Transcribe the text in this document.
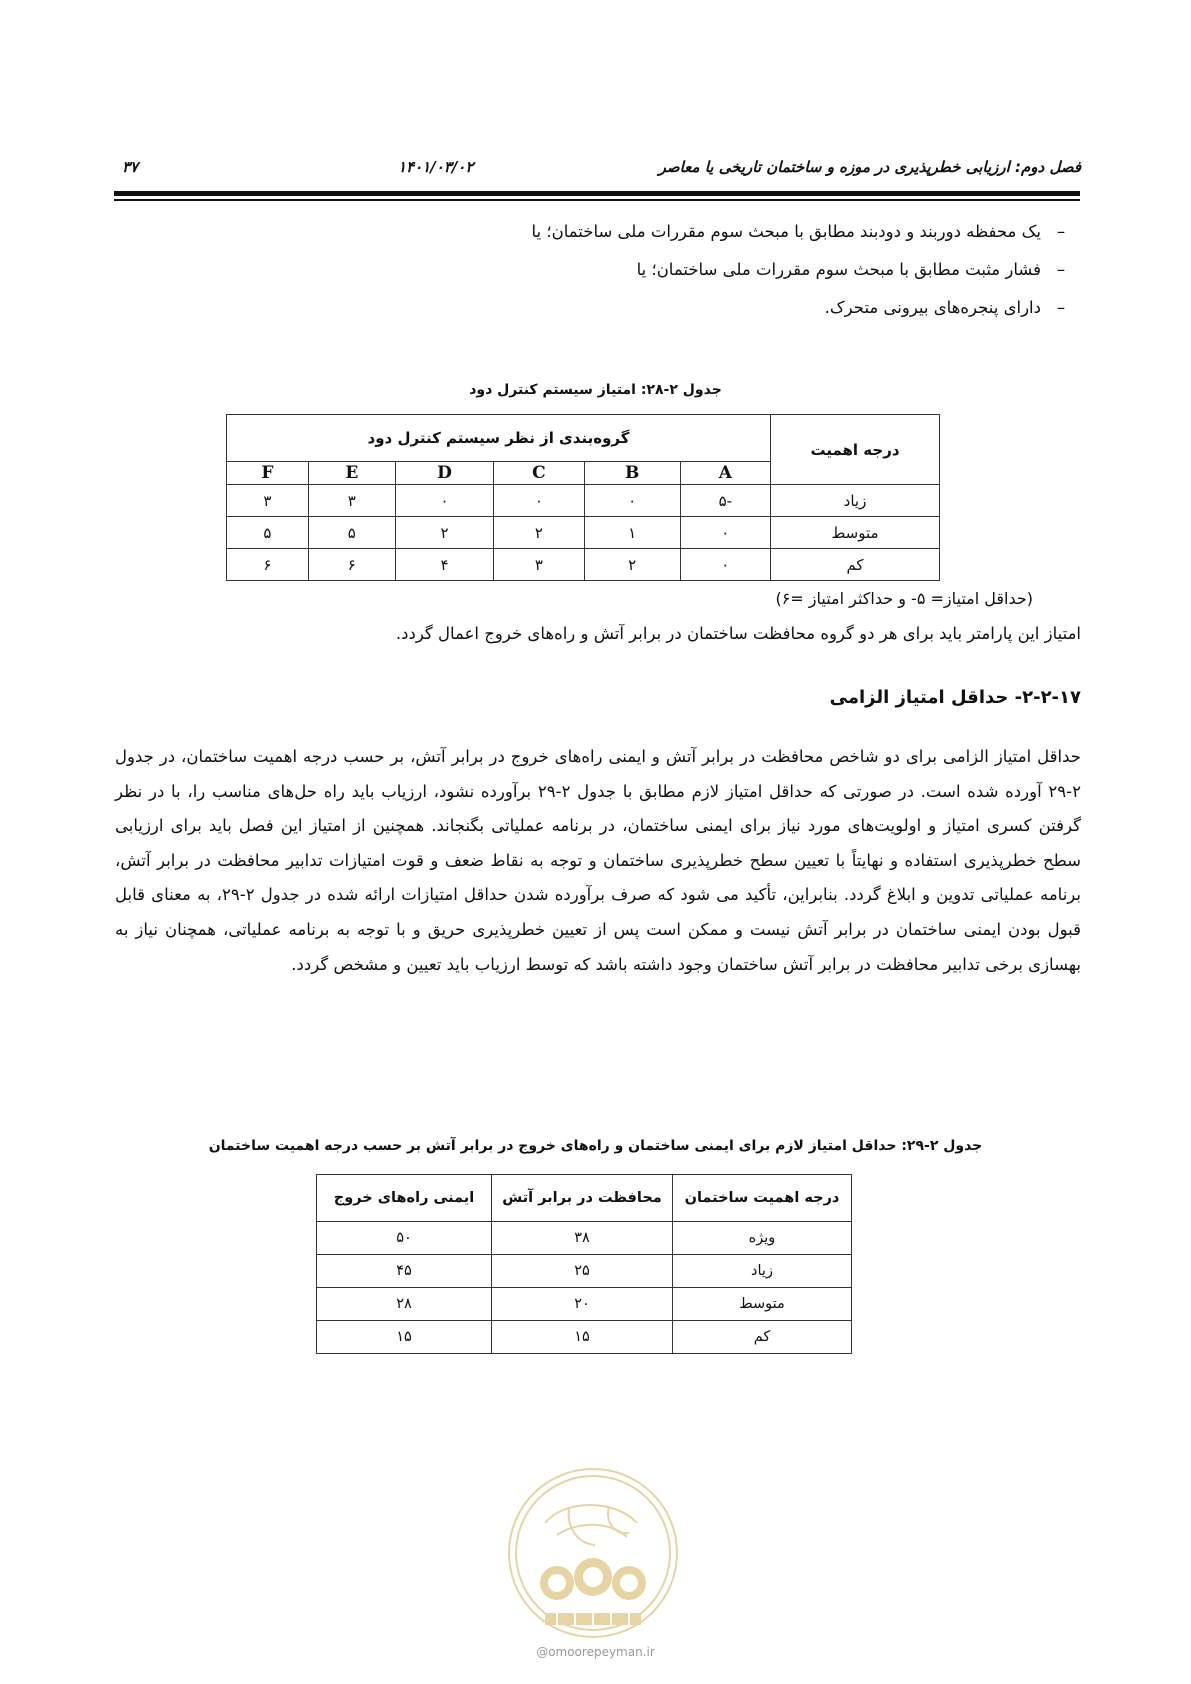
فصل دوم: ارزیابی خطرپذیری در موزه و ساختمان تاریخی یا معاصر
۱۴۰۱/۰۳/۰۲
۳۷
–یک محفظه دوربند و دودبند مطابق با مبحث سوم مقررات ملی ساختمان؛ یا
–فشار مثبت مطابق با مبحث سوم مقررات ملی ساختمان؛ یا
–دارای پنجره‌های بیرونی متحرک.
جدول ۲-۲۸: امتیاز سیستم کنترل دود
درجه اهمیت	گروه‌بندی از نظر سیستم کنترل دود					
	A	B	C	D	E	F
زیاد	-۵	۰	۰	۰	۳	۳
متوسط	۰	۱	۲	۲	۵	۵
کم	۰	۲	۳	۴	۶	۶
(حداقل امتیاز= ۵- و حداکثر امتیاز =۶)
امتیاز این پارامتر باید برای هر دو گروه محافظت ساختمان در برابر آتش و راه‌های خروج اعمال گردد.
۲-۲-۱۷- حداقل امتیاز الزامی
حداقل امتیاز الزامی برای دو شاخص محافظت در برابر آتش و ایمنی راه‌های خروج در برابر آتش، بر حسب درجه اهمیت ساختمان، در جدول ۲-۲۹ آورده شده است. در صورتی که حداقل امتیاز لازم مطابق با جدول ۲-۲۹ برآورده نشود، ارزیاب باید راه حل‌های مناسب را، با در نظر گرفتن کسری امتیاز و اولویت‌های مورد نیاز برای ایمنی ساختمان، در برنامه عملیاتی بگنجاند. همچنین از امتیاز این فصل باید برای ارزیابی سطح خطرپذیری استفاده و نهایتاً با تعیین سطح خطرپذیری ساختمان و توجه به نقاط ضعف و قوت امتیازات تدابیر محافظت در برابر آتش، برنامه عملیاتی تدوین و ابلاغ گردد. بنابراین، تأکید می شود که صرف برآورده شدن حداقل امتیازات ارائه شده در جدول ۲-۲۹، به معنای قابل قبول بودن ایمنی ساختمان در برابر آتش نیست و ممکن است پس از تعیین خطرپذیری حریق و با توجه به برنامه عملیاتی، همچنان نیاز به بهسازی برخی تدابیر محافظت در برابر آتش ساختمان وجود داشته باشد که توسط ارزیاب باید تعیین و مشخص گردد.
جدول ۲-۲۹: حداقل امتیاز لازم برای ایمنی ساختمان و راه‌های خروج در برابر آتش بر حسب درجه اهمیت ساختمان
درجه اهمیت ساختمان	محافظت در برابر آتش	ایمنی راه‌های خروج
ویژه	۳۸	۵۰
زیاد	۲۵	۴۵
متوسط	۲۰	۲۸
کم	۱۵	۱۵
@omoorepeyman.ir
